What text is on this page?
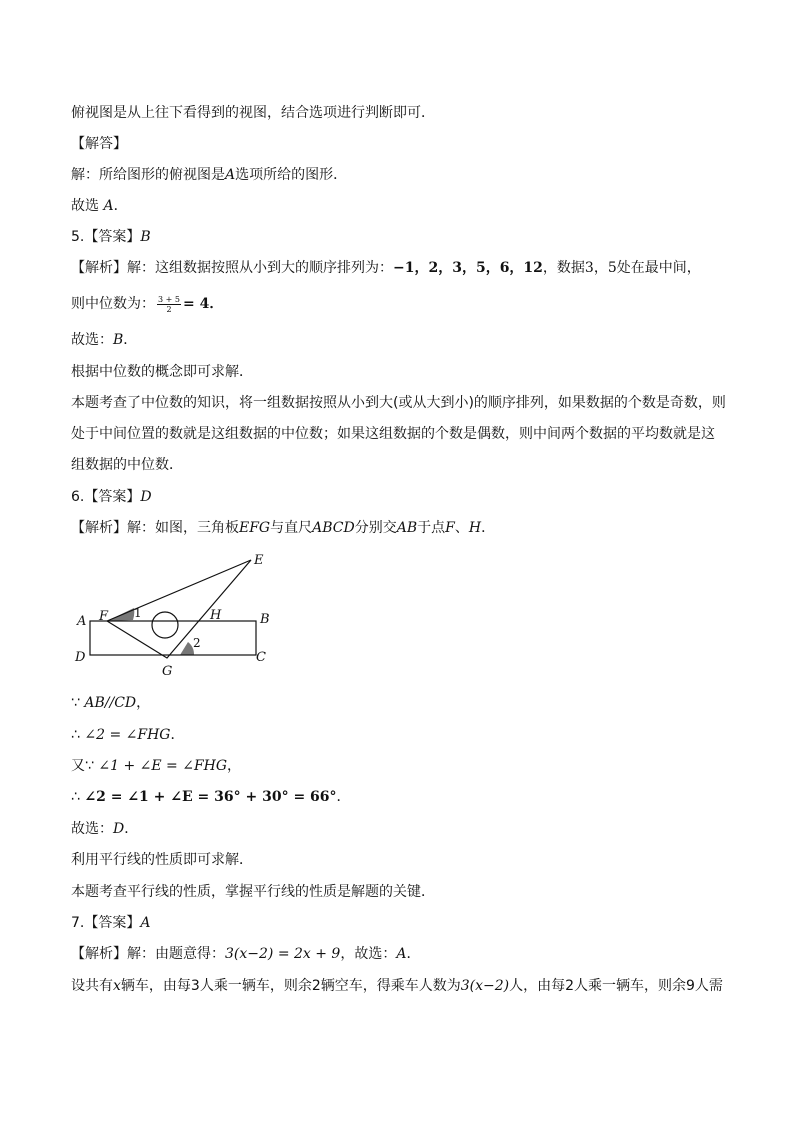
俯视图是从上往下看得到的视图，结合选项进行判断即可．
【解答】
解：所给图形的俯视图是A选项所给的图形．
故选 A．
5.【答案】B
【解析】解：这组数据按照从小到大的顺序排列为：−1，2，3，5，6，12，数据3，5处在最中间，
则中位数为： $\frac{3 + 5}{2} = 4$．
故选：B．
根据中位数的概念即可求解．
本题考查了中位数的知识，将一组数据按照从小到大(或从大到小)的顺序排列，如果数据的个数是奇数，则
处于中间位置的数就是这组数据的中位数；如果这组数据的个数是偶数，则中间两个数据的平均数就是这
组数据的中位数．
6.【答案】D
【解析】解：如图，三角板EFG与直尺ABCD分别交AB于点F、H．
A F 1	H	B
E
2
D	C
G
∵ AB//CD，
∴ ∠2 = ∠FHG．
又∵ ∠1 + ∠E = ∠FHG，
∴ ∠2 = ∠1 + ∠E = 36° + 30° = 66°．
故选：D．
利用平行线的性质即可求解．
本题考查平行线的性质，掌握平行线的性质是解题的关键．
7.【答案】A
【解析】解：由题意得：3(x−2) = 2x + 9，故选：A．
设共有x辆车，由每3人乘一辆车，则余2辆空车，得乘车人数为3(x−2)人，由每2人乘一辆车，则余9人需
